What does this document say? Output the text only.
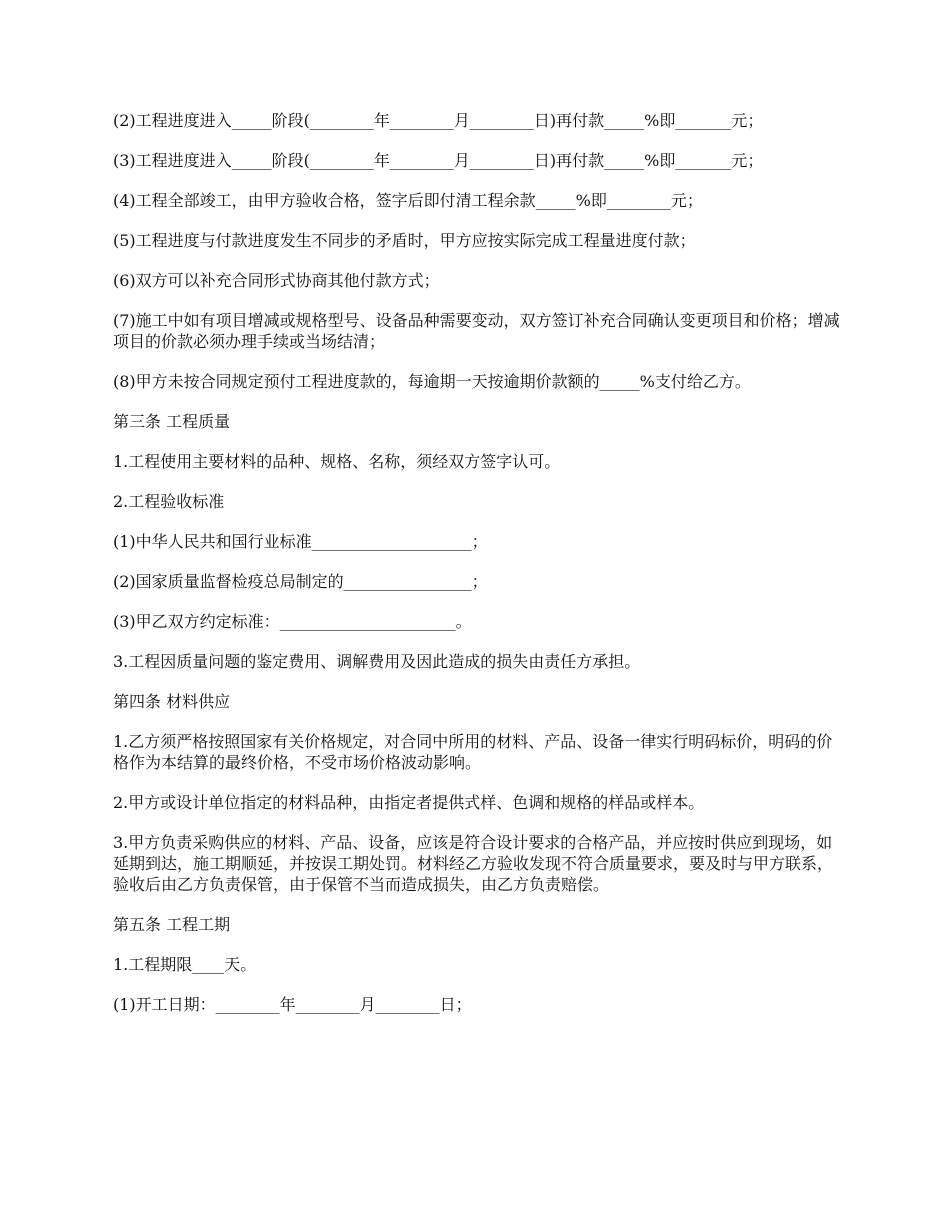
(2)工程进度进入_____阶段(________年________月________日)再付款_____%即_______元；

(3)工程进度进入_____阶段(________年________月________日)再付款_____%即_______元；

(4)工程全部竣工，由甲方验收合格，签字后即付清工程余款_____%即________元；

(5)工程进度与付款进度发生不同步的矛盾时，甲方应按实际完成工程量进度付款；

(6)双方可以补充合同形式协商其他付款方式；

(7)施工中如有项目增减或规格型号、设备品种需要变动，双方签订补充合同确认变更项目和价格；增减项目的价款必须办理手续或当场结清；

(8)甲方未按合同规定预付工程进度款的，每逾期一天按逾期价款额的_____%支付给乙方。

第三条 工程质量

1.工程使用主要材料的品种、规格、名称，须经双方签字认可。

2.工程验收标准

(1)中华人民共和国行业标准____________________；

(2)国家质量监督检疫总局制定的________________；

(3)甲乙双方约定标准：______________________。

3.工程因质量问题的鉴定费用、调解费用及因此造成的损失由责任方承担。

第四条 材料供应

1.乙方须严格按照国家有关价格规定，对合同中所用的材料、产品、设备一律实行明码标价，明码的价格作为本结算的最终价格，不受市场价格波动影响。

2.甲方或设计单位指定的材料品种，由指定者提供式样、色调和规格的样品或样本。

3.甲方负责采购供应的材料、产品、设备，应该是符合设计要求的合格产品，并应按时供应到现场，如延期到达，施工期顺延，并按误工期处罚。材料经乙方验收发现不符合质量要求，要及时与甲方联系，验收后由乙方负责保管，由于保管不当而造成损失，由乙方负责赔偿。

第五条 工程工期

1.工程期限____天。

(1)开工日期：________年________月________日；
